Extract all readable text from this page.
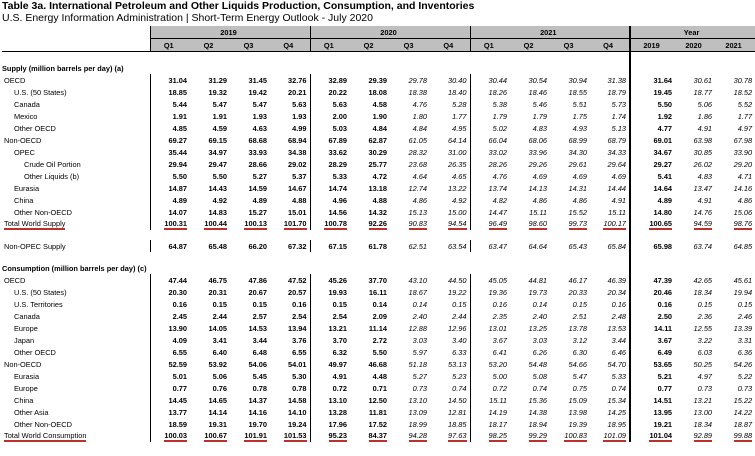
Table 3a. International Petroleum and Other Liquids Production, Consumption, and Inventories
U.S. Energy Information Administration | Short-Term Energy Outlook - July 2020
	2019				2020				2021				Year		
	Q1	Q2	Q3	Q4	Q1	Q2	Q3	Q4	Q1	Q2	Q3	Q4	2019	2020	2021

Supply (million barrels per day) (a)															
OECD	31.04	31.29	31.45	32.76	32.89	29.39	29.78	30.40	30.44	30.54	30.94	31.38	31.64	30.61	30.78
U.S. (50 States)	18.85	19.32	19.42	20.21	20.22	18.08	18.38	18.40	18.26	18.46	18.55	18.79	19.45	18.77	18.52
Canada	5.44	5.47	5.47	5.63	5.63	4.58	4.76	5.28	5.38	5.46	5.51	5.73	5.50	5.06	5.52
Mexico	1.91	1.91	1.93	1.93	2.00	1.90	1.80	1.77	1.79	1.79	1.75	1.74	1.92	1.86	1.77
Other OECD	4.85	4.59	4.63	4.99	5.03	4.84	4.84	4.95	5.02	4.83	4.93	5.13	4.77	4.91	4.97
Non-OECD	69.27	69.15	68.68	68.94	67.89	62.87	61.05	64.14	66.04	68.06	68.99	68.79	69.01	63.98	67.98
OPEC	35.44	34.97	33.93	34.38	33.62	30.29	28.32	31.00	33.02	33.96	34.30	34.33	34.67	30.85	33.90
Crude Oil Portion	29.94	29.47	28.66	29.02	28.29	25.77	23.68	26.35	28.26	29.26	29.61	29.64	29.27	26.02	29.20
Other Liquids (b)	5.50	5.50	5.27	5.37	5.33	4.72	4.64	4.65	4.76	4.69	4.69	4.69	5.41	4.83	4.71
Eurasia	14.87	14.43	14.59	14.67	14.74	13.18	12.74	13.22	13.74	14.13	14.31	14.44	14.64	13.47	14.16
China	4.89	4.92	4.89	4.88	4.96	4.88	4.86	4.92	4.82	4.86	4.86	4.91	4.89	4.91	4.86
Other Non-OECD	14.07	14.83	15.27	15.01	14.56	14.32	15.13	15.00	14.47	15.11	15.52	15.11	14.80	14.76	15.06
Total World Supply	100.31	100.44	100.13	101.70	100.78	92.26	90.83	94.54	96.49	98.60	99.73	100.17	100.65	94.59	98.76

Non-OPEC Supply	64.87	65.48	66.20	67.32	67.15	61.78	62.51	63.54	63.47	64.64	65.43	65.84	65.98	63.74	64.85

Consumption (million barrels per day) (c)															
OECD	47.44	46.75	47.86	47.52	45.26	37.70	43.10	44.50	45.05	44.81	46.17	46.39	47.39	42.65	45.61
U.S. (50 States)	20.30	20.31	20.67	20.57	19.93	16.11	18.67	19.22	19.36	19.73	20.33	20.34	20.46	18.34	19.94
U.S. Territories	0.16	0.15	0.15	0.16	0.15	0.14	0.14	0.15	0.16	0.14	0.15	0.16	0.16	0.15	0.15
Canada	2.45	2.44	2.57	2.54	2.54	2.09	2.40	2.44	2.35	2.40	2.51	2.48	2.50	2.36	2.46
Europe	13.90	14.05	14.53	13.94	13.21	11.14	12.88	12.96	13.01	13.25	13.78	13.53	14.11	12.55	13.39
Japan	4.09	3.41	3.44	3.76	3.70	2.72	3.03	3.40	3.67	3.03	3.12	3.44	3.67	3.22	3.31
Other OECD	6.55	6.40	6.48	6.55	6.32	5.50	5.97	6.33	6.41	6.26	6.30	6.46	6.49	6.03	6.36
Non-OECD	52.59	53.92	54.06	54.01	49.97	46.68	51.18	53.13	53.20	54.48	54.66	54.70	53.65	50.25	54.26
Eurasia	5.01	5.06	5.45	5.30	4.91	4.48	5.27	5.23	5.00	5.08	5.47	5.33	5.21	4.97	5.22
Europe	0.77	0.76	0.78	0.78	0.72	0.71	0.73	0.74	0.72	0.74	0.75	0.74	0.77	0.73	0.73
China	14.45	14.65	14.37	14.58	13.10	12.50	13.10	14.50	15.11	15.36	15.09	15.34	14.51	13.21	15.22
Other Asia	13.77	14.14	14.16	14.10	13.28	11.81	13.09	12.81	14.19	14.38	13.98	14.25	13.95	13.00	14.22
Other Non-OECD	18.59	19.31	19.70	19.24	17.96	17.52	18.99	18.85	18.17	18.94	19.39	18.95	19.21	18.34	18.87
Total World Consumption	100.03	100.67	101.91	101.53	95.23	84.37	94.28	97.63	98.25	99.29	100.83	101.09	101.04	92.89	99.88
